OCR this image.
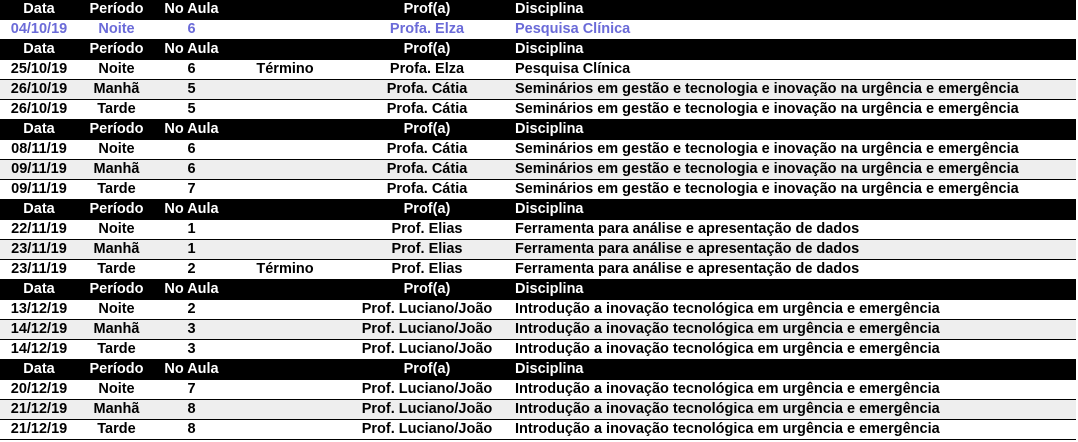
Data	Período	No Aula		Prof(a)	Disciplina
04/10/19	Noite	6		Profa. Elza	Pesquisa Clínica
Data	Período	No Aula		Prof(a)	Disciplina
25/10/19	Noite	6	Término	Profa. Elza	Pesquisa Clínica
26/10/19	Manhã	5		Profa. Cátia	Seminários em gestão e tecnologia e inovação na urgência e emergência
26/10/19	Tarde	5		Profa. Cátia	Seminários em gestão e tecnologia e inovação na urgência e emergência
Data	Período	No Aula		Prof(a)	Disciplina
08/11/19	Noite	6		Profa. Cátia	Seminários em gestão e tecnologia e inovação na urgência e emergência
09/11/19	Manhã	6		Profa. Cátia	Seminários em gestão e tecnologia e inovação na urgência e emergência
09/11/19	Tarde	7		Profa. Cátia	Seminários em gestão e tecnologia e inovação na urgência e emergência
Data	Período	No Aula		Prof(a)	Disciplina
22/11/19	Noite	1		Prof. Elias	Ferramenta para análise e apresentação de dados
23/11/19	Manhã	1		Prof. Elias	Ferramenta para análise e apresentação de dados
23/11/19	Tarde	2	Término	Prof. Elias	Ferramenta para análise e apresentação de dados
Data	Período	No Aula		Prof(a)	Disciplina
13/12/19	Noite	2		Prof. Luciano/João	Introdução a inovação tecnológica em urgência e emergência
14/12/19	Manhã	3		Prof. Luciano/João	Introdução a inovação tecnológica em urgência e emergência
14/12/19	Tarde	3		Prof. Luciano/João	Introdução a inovação tecnológica em urgência e emergência
Data	Período	No Aula		Prof(a)	Disciplina
20/12/19	Noite	7		Prof. Luciano/João	Introdução a inovação tecnológica em urgência e emergência
21/12/19	Manhã	8		Prof. Luciano/João	Introdução a inovação tecnológica em urgência e emergência
21/12/19	Tarde	8		Prof. Luciano/João	Introdução a inovação tecnológica em urgência e emergência
